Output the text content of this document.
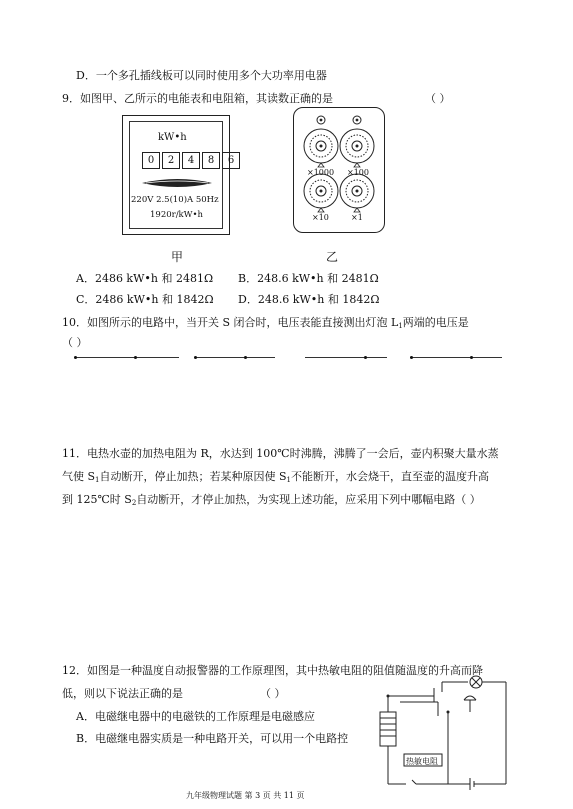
D．一个多孔插线板可以同时使用多个大功率用电器
9．如图甲、乙所示的电能表和电阻箱，其读数正确的是	（ ）
kW•h
0	2	4	8	6
220V 2.5(10)A 50Hz
1920r/kW•h
×1000 ×100
×10	×1
甲	乙
A．2486 kW•h 和 2481Ω B．248.6 kW•h 和 2481Ω
C．2486 kW•h 和 1842Ω D．248.6 kW•h 和 1842Ω
10．如图所示的电路中，当开关 S 闭合时，电压表能直接测出灯泡 $L_1$两端的电压是
（ ）
11．电热水壶的加热电阻为 R，水达到 100℃时沸腾，沸腾了一会后，壶内积聚大量水蒸
气使 $S_1$自动断开，停止加热；若某种原因使 $S_1$不能断开，水会烧干，直至壶的温度升高
到 125℃时 $S_2$自动断开，才停止加热，为实现上述功能，应采用下列中哪幅电路（ ）
12．如图是一种温度自动报警器的工作原理图，其中热敏电阻的阻值随温度的升高而降
低，则以下说法正确的是	（ ）
A．电磁继电器中的电磁铁的工作原理是电磁感应
B．电磁继电器实质是一种电路开关，可以用一个电路控
热敏电阻
九年级物理试题 第 3 页 共 11 页
